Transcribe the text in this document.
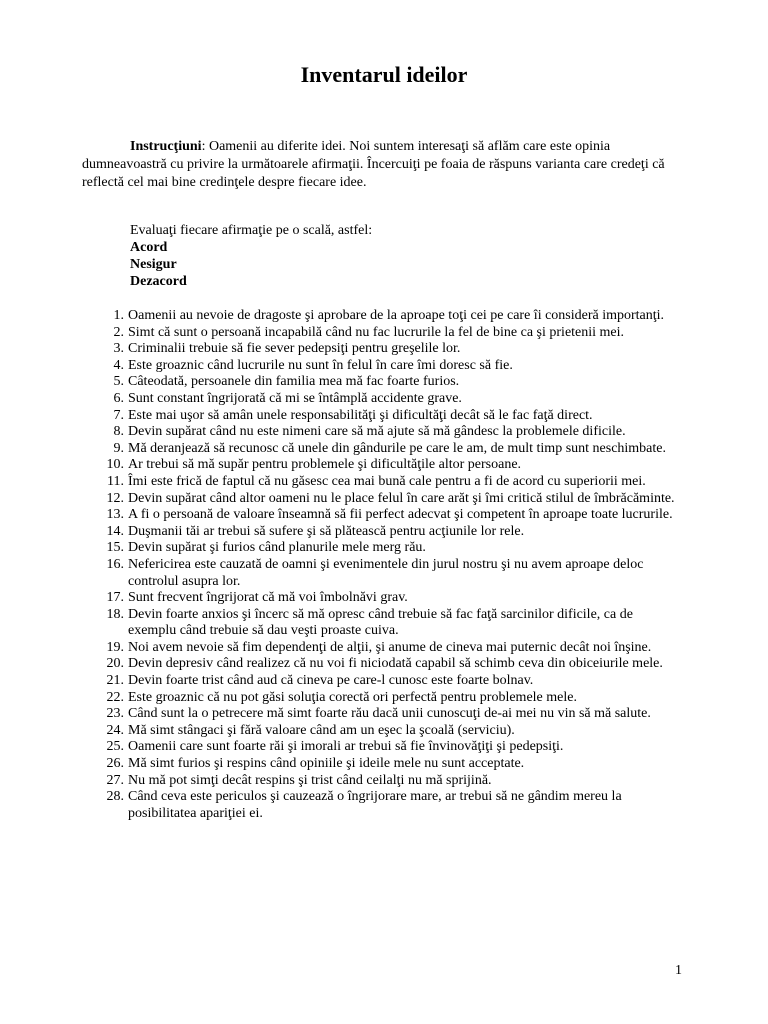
Inventarul ideilor

Instrucţiuni: Oamenii au diferite idei. Noi suntem interesaţi să aflăm care este opinia dumneavoastră cu privire la următoarele afirmaţii. Încercuiţi pe foaia de răspuns varianta care credeţi că reflectă cel mai bine credinţele despre fiecare idee.

Evaluaţi fiecare afirmaţie pe o scală, astfel:
Acord
Nesigur
Dezacord
1. Oamenii au nevoie de dragoste şi aprobare de la aproape toţi cei pe care îi consideră importanţi.
2. Simt că sunt o persoană incapabilă când nu fac lucrurile la fel de bine ca şi prietenii mei.
3. Criminalii trebuie să fie sever pedepsiţi pentru greşelile lor.
4. Este groaznic când lucrurile nu sunt în felul în care îmi doresc să fie.
5. Câteodată, persoanele din familia mea mă fac foarte furios.
6. Sunt constant îngrijorată că mi se întâmplă accidente grave.
7. Este mai uşor să amân unele responsabilităţi şi dificultăţi decât să le fac faţă direct.
8. Devin supărat când nu este nimeni care să mă ajute să mă gândesc la problemele dificile.
9. Mă deranjează să recunosc că unele din gândurile pe care le am, de mult timp sunt neschimbate.
10. Ar trebui să mă supăr pentru problemele şi dificultăţile altor persoane.
11. Îmi este frică de faptul că nu găsesc cea mai bună cale pentru a fi de acord cu superiorii mei.
12. Devin supărat când altor oameni nu le place felul în care arăt şi îmi critică stilul de îmbrăcăminte.
13. A fi o persoană de valoare înseamnă să fii perfect adecvat şi competent în aproape toate lucrurile.
14. Duşmanii tăi ar trebui să sufere şi să plătească pentru acţiunile lor rele.
15. Devin supărat şi furios când planurile mele merg rău.
16. Nefericirea este cauzată de oamni şi evenimentele din jurul nostru şi nu avem aproape deloc controlul asupra lor.
17. Sunt frecvent îngrijorat că mă voi îmbolnăvi grav.
18. Devin foarte anxios şi încerc să mă opresc când trebuie să fac faţă sarcinilor dificile, ca de exemplu când trebuie să dau veşti proaste cuiva.
19. Noi avem nevoie să fim dependenţi de alţii, şi anume de cineva mai puternic decât noi înşine.
20. Devin depresiv când realizez că nu voi fi niciodată capabil să schimb ceva din obiceiurile mele.
21. Devin foarte trist când aud că cineva pe care-l cunosc este foarte bolnav.
22. Este groaznic că nu pot găsi soluţia corectă ori perfectă pentru problemele mele.
23. Când sunt la o petrecere mă simt foarte rău dacă unii cunoscuţi de-ai mei nu vin să mă salute.
24. Mă simt stângaci şi fără valoare când am un eşec la şcoală (serviciu).
25. Oamenii care sunt foarte răi şi imorali ar trebui să fie învinovăţiţi şi pedepsiţi.
26. Mă simt furios şi respins când opiniile şi ideile mele nu sunt acceptate.
27. Nu mă pot simţi decât respins şi trist când ceilalţi nu mă sprijină.
28. Când ceva este periculos şi cauzează o îngrijorare mare, ar trebui să ne gândim mereu la posibilitatea apariţiei ei.
1
